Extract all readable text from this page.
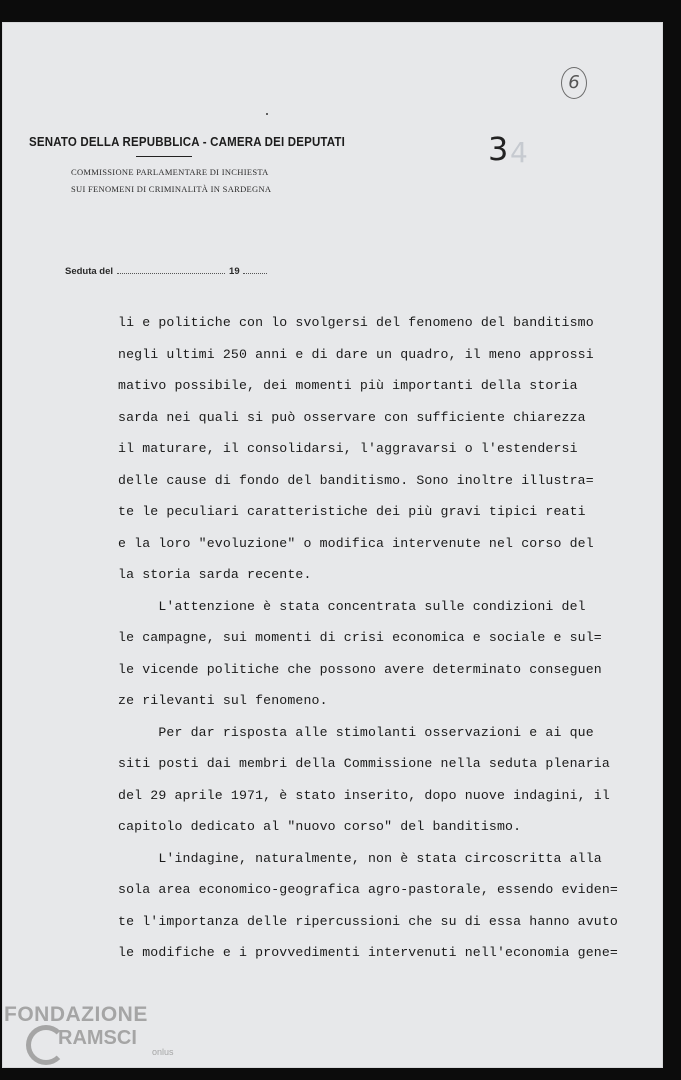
6
SENATO DELLA REPUBBLICA - CAMERA DEI DEPUTATI
COMMISSIONE PARLAMENTARE DI INCHIESTA
SUI FENOMENI DI CRIMINALITÀ IN SARDEGNA
3 4
Seduta del	19
li e politiche con lo svolgersi del fenomeno del banditismo
negli ultimi 250 anni e di dare un quadro, il meno approssi
mativo possibile, dei momenti più importanti della storia
sarda nei quali si può osservare con sufficiente chiarezza
il maturare, il consolidarsi, l'aggravarsi o l'estendersi
delle cause di fondo del banditismo. Sono inoltre illustra=
te le peculiari caratteristiche dei più gravi tipici reati
e la loro "evoluzione" o modifica intervenute nel corso del
la storia sarda recente.
L'attenzione è stata concentrata sulle condizioni del
le campagne, sui momenti di crisi economica e sociale e sul=
le vicende politiche che possono avere determinato conseguen
ze rilevanti sul fenomeno.
Per dar risposta alle stimolanti osservazioni e ai que
siti posti dai membri della Commissione nella seduta plenaria
del 29 aprile 1971, è stato inserito, dopo nuove indagini, il
capitolo dedicato al "nuovo corso" del banditismo.
L'indagine, naturalmente, non è stata circoscritta alla
sola area economico-geografica agro-pastorale, essendo eviden=
te l'importanza delle ripercussioni che su di essa hanno avuto
le modifiche e i provvedimenti intervenuti nell'economia gene=
FONDAZIONE
RAMSCI
onlus
